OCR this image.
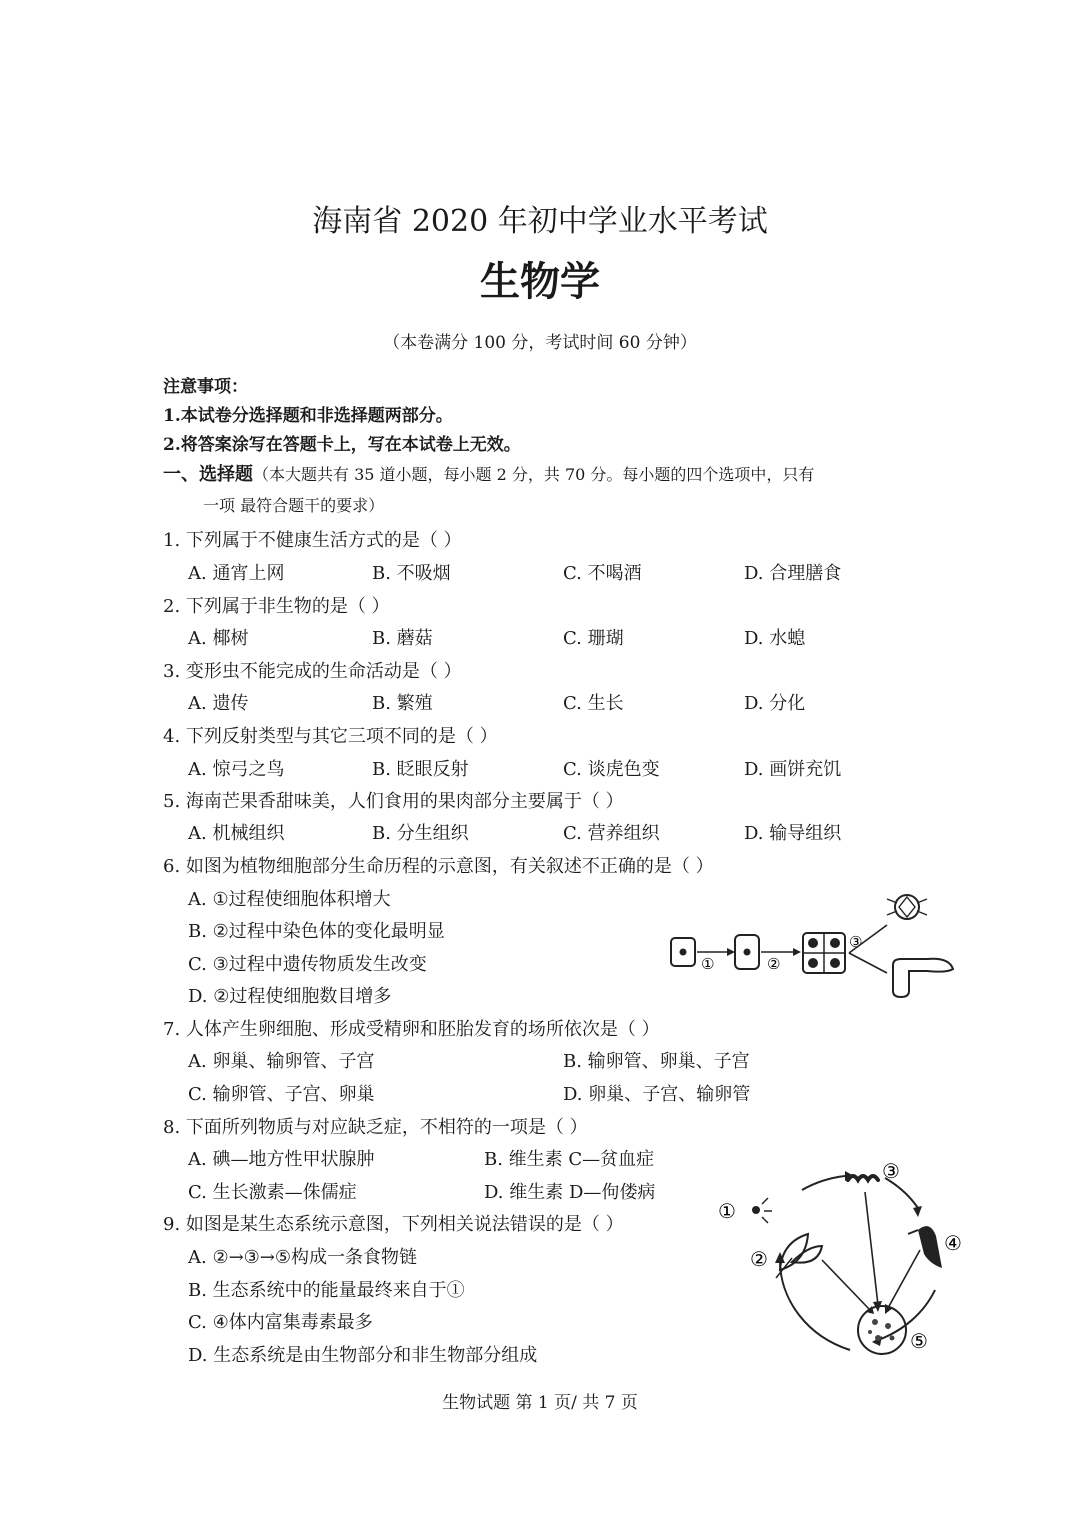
海南省 2020 年初中学业水平考试
生物学
（本卷满分 100 分，考试时间 60 分钟）
注意事项：
1.本试卷分选择题和非选择题两部分。
2.将答案涂写在答题卡上，写在本试卷上无效。
一、选择题（本大题共有 35 道小题，每小题 2 分，共 70 分。每小题的四个选项中，只有
一项 最符合题干的要求）
1. 下列属于不健康生活方式的是（ ）
A. 通宵上网	B. 不吸烟	C. 不喝酒	D. 合理膳食
2. 下列属于非生物的是（ ）
A. 椰树	B. 蘑菇	C. 珊瑚	D. 水螅
3. 变形虫不能完成的生命活动是（ ）
A. 遗传	B. 繁殖	C. 生长	D. 分化
4. 下列反射类型与其它三项不同的是（ ）
A. 惊弓之鸟	B. 眨眼反射	C. 谈虎色变	D. 画饼充饥
5. 海南芒果香甜味美，人们食用的果肉部分主要属于（ ）
A. 机械组织	B. 分生组织	C. 营养组织	D. 输导组织
6. 如图为植物细胞部分生命历程的示意图，有关叙述不正确的是（ ）
A. ①过程使细胞体积增大
B. ②过程中染色体的变化最明显
C. ③过程中遗传物质发生改变
D. ②过程使细胞数目增多
①	②
③
7. 人体产生卵细胞、形成受精卵和胚胎发育的场所依次是（ ）
A. 卵巢、输卵管、子宫	B. 输卵管、卵巢、子宫
C. 输卵管、子宫、卵巢	D. 卵巢、子宫、输卵管
8. 下面所列物质与对应缺乏症，不相符的一项是（ ）
A. 碘—地方性甲状腺肿	B. 维生素 C—贫血症
C. 生长激素—侏儒症	D. 维生素 D—佝偻病
9. 如图是某生态系统示意图，下列相关说法错误的是（ ）
A. ②→③→⑤构成一条食物链
B. 生态系统中的能量最终来自于①
C. ④体内富集毒素最多
D. 生态系统是由生物部分和非生物部分组成
①
②
③
④
⑤
生物试题 第 1 页/ 共 7 页
